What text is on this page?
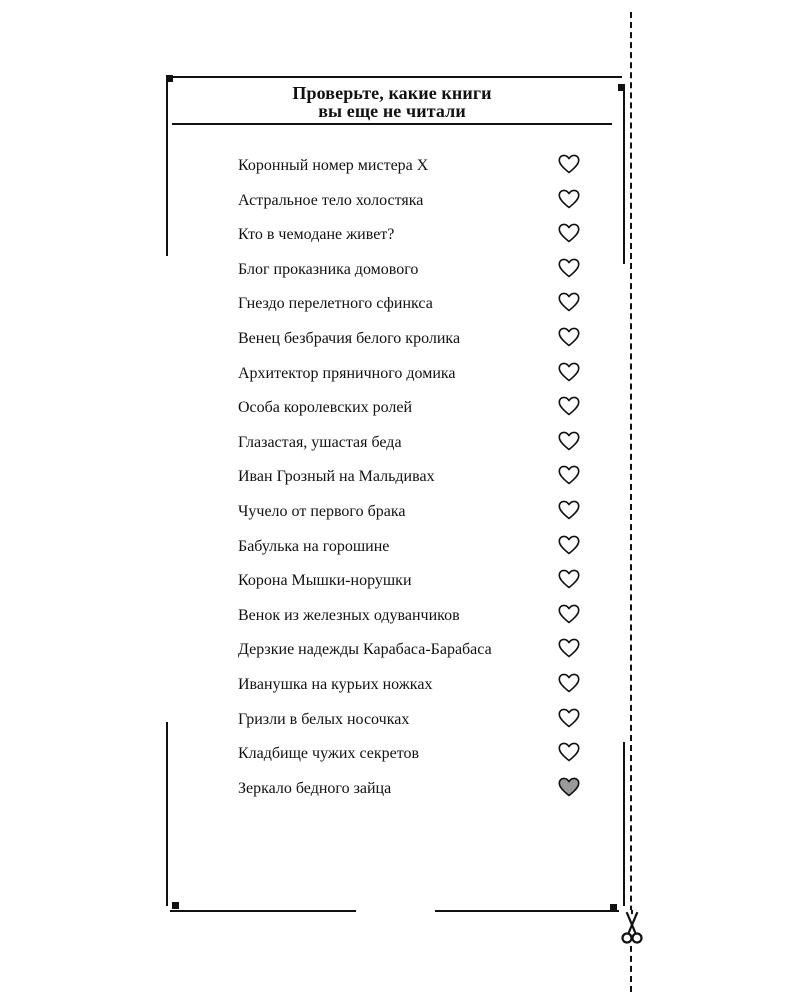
Проверьте, какие книги
вы еще не читали
Коронный номер мистера Х
Астральное тело холостяка
Кто в чемодане живет?
Блог проказника домового
Гнездо перелетного сфинкса
Венец безбрачия белого кролика
Архитектор пряничного домика
Особа королевских ролей
Глазастая, ушастая беда
Иван Грозный на Мальдивах
Чучело от первого брака
Бабулька на горошине
Корона Мышки-норушки
Венок из железных одуванчиков
Дерзкие надежды Карабаса-Барабаса
Иванушка на курьих ножках
Гризли в белых носочках
Кладбище чужих секретов
Зеркало бедного зайца
